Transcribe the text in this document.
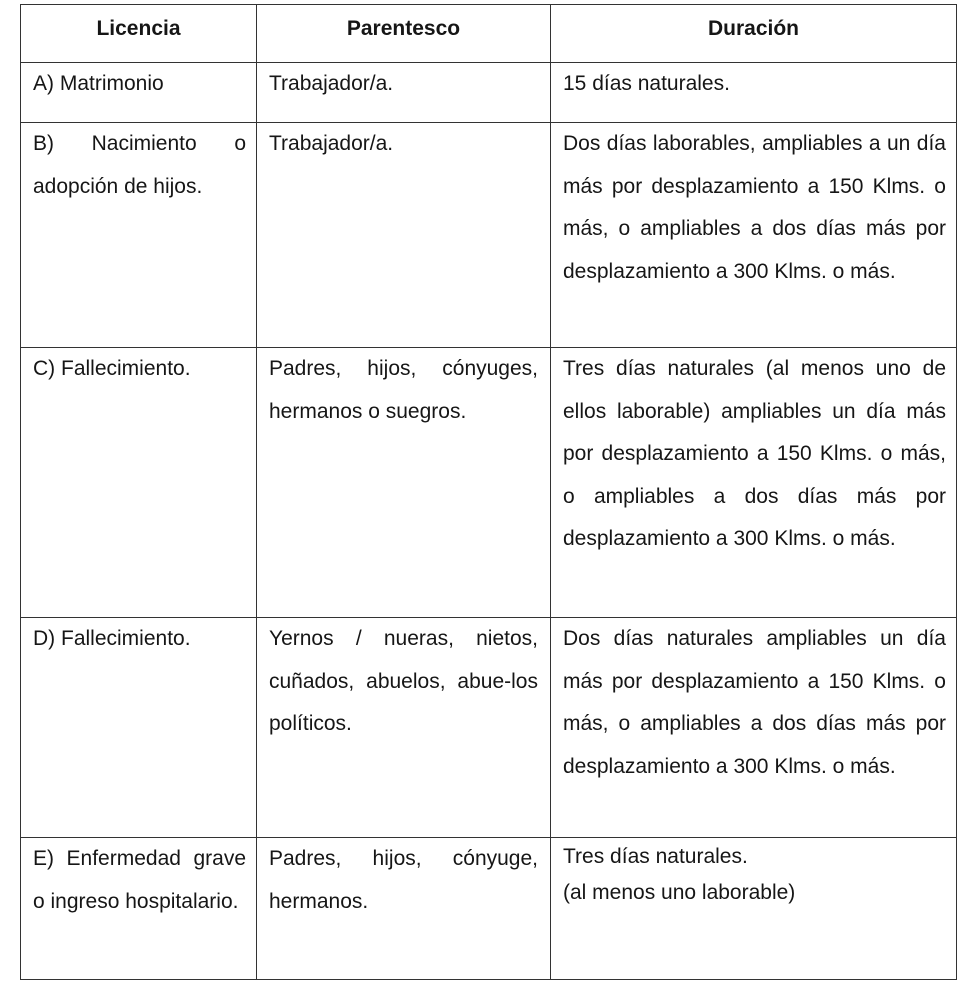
Licencia	Parentesco	Duración

A) Matrimonio	Trabajador/a.	15 días naturales.

B) Nacimiento o adopción de hijos.	Trabajador/a.	Dos días laborables, ampliables a un día más por desplazamiento a 150 Klms. o más, o ampliables a dos días más por desplazamiento a 300 Klms. o más.

C) Fallecimiento.	Padres, hijos, cónyuges, hermanos o suegros.	Tres días naturales (al menos uno de ellos laborable) ampliables un día más por desplazamiento a 150 Klms. o más, o ampliables a dos días más por desplazamiento a 300 Klms. o más.

D) Fallecimiento.	Yernos / nueras, nietos, cuñados, abuelos, abue-los políticos.	Dos días naturales ampliables un día más por desplazamiento a 150 Klms. o más, o ampliables a dos días más por desplazamiento a 300 Klms. o más.

E) Enfermedad grave o ingreso hospitalario.	Padres, hijos, cónyuge, hermanos.	Tres días naturales.
(al menos uno laborable)
